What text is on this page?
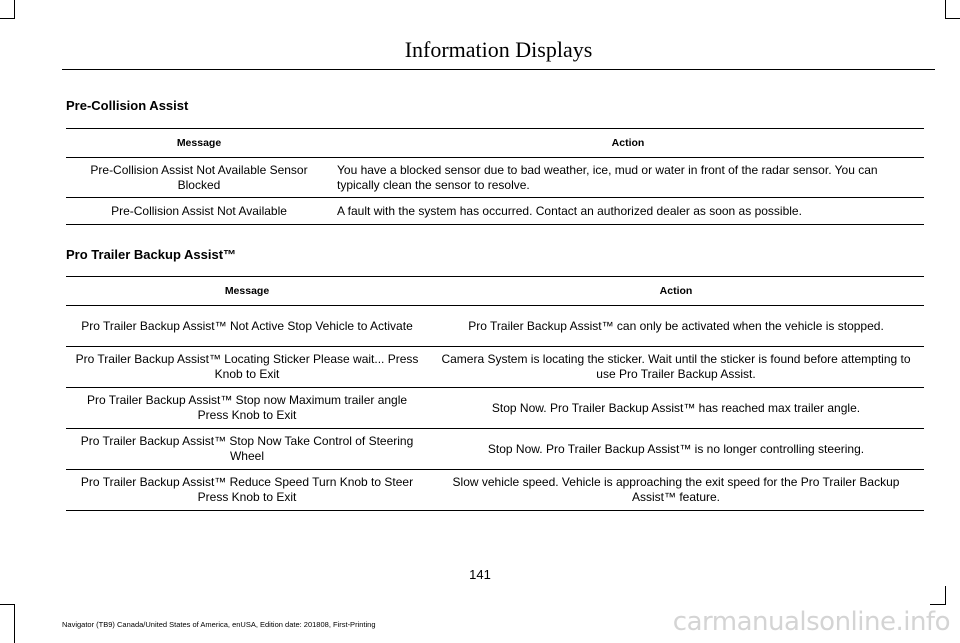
Information Displays
Pre-Collision Assist
Message	Action
Pre-Collision Assist Not Available Sensor Blocked	You have a blocked sensor due to bad weather, ice, mud or water in front of the radar sensor. You can typically clean the sensor to resolve.
Pre-Collision Assist Not Available	A fault with the system has occurred. Contact an authorized dealer as soon as possible.
Pro Trailer Backup Assist™
Message	Action
Pro Trailer Backup Assist™ Not Active Stop Vehicle to Activate	Pro Trailer Backup Assist™ can only be activated when the vehicle is stopped.
Pro Trailer Backup Assist™ Locating Sticker Please wait... Press Knob to Exit	Camera System is locating the sticker. Wait until the sticker is found before attempting to use Pro Trailer Backup Assist.
Pro Trailer Backup Assist™ Stop now Maximum trailer angle Press Knob to Exit	Stop Now. Pro Trailer Backup Assist™ has reached max trailer angle.
Pro Trailer Backup Assist™ Stop Now Take Control of Steering Wheel	Stop Now. Pro Trailer Backup Assist™ is no longer controlling steering.
Pro Trailer Backup Assist™ Reduce Speed Turn Knob to Steer Press Knob to Exit	Slow vehicle speed. Vehicle is approaching the exit speed for the Pro Trailer Backup Assist™ feature.
141
Navigator (TB9) Canada/United States of America, enUSA, Edition date: 201808, First-Printing	carmanualsonline.info
